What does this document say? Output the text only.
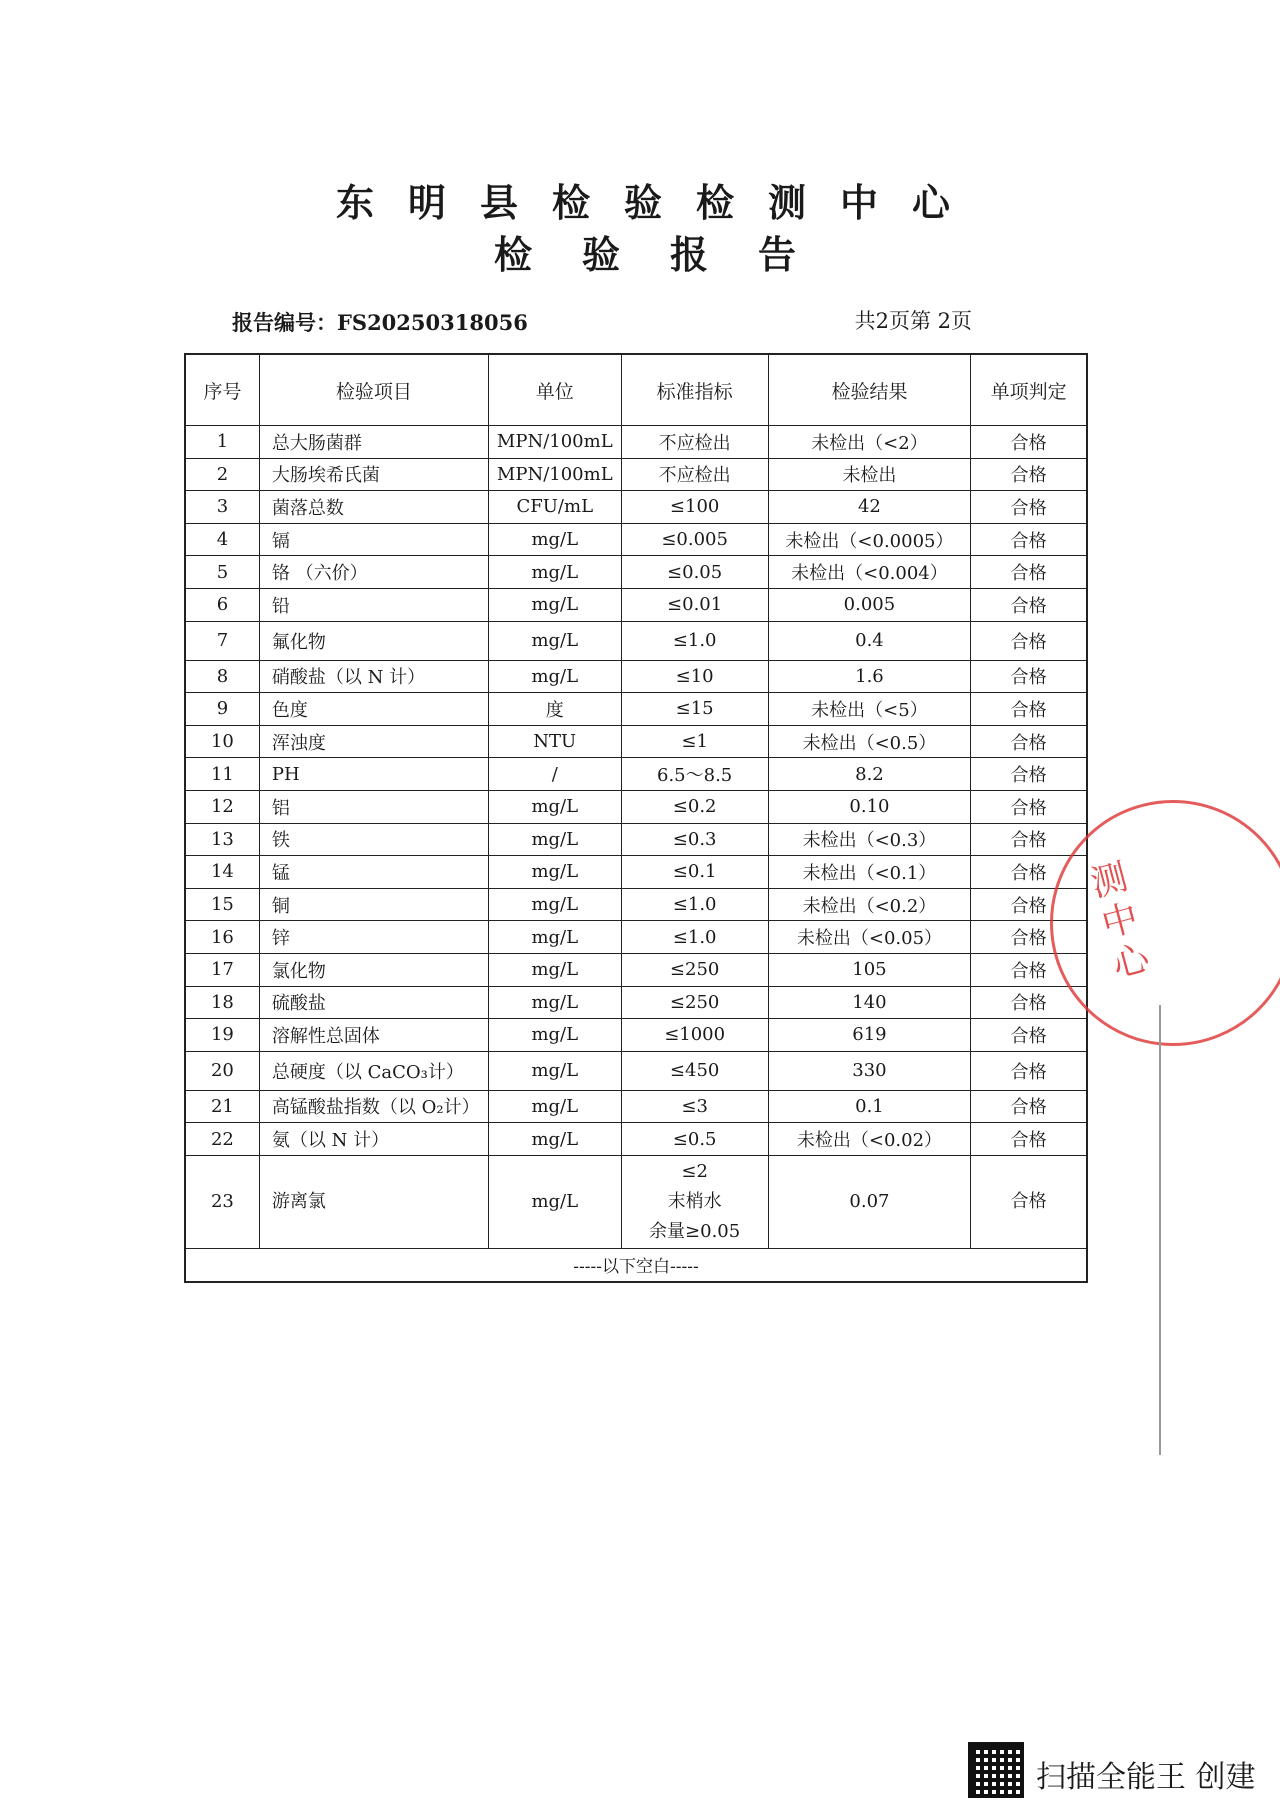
东明县检验检测中心
检验报告
报告编号：FS20250318056	共2页第 2页
序号	检验项目	单位	标准指标	检验结果	单项判定
1	总大肠菌群	MPN/100mL	不应检出	未检出（<2）	合格
2	大肠埃希氏菌	MPN/100mL	不应检出	未检出	合格
3	菌落总数	CFU/mL	≤100	42	合格
4	镉	mg/L	≤0.005	未检出（<0.0005）	合格
5	铬 （六价）	mg/L	≤0.05	未检出（<0.004）	合格
6	铅	mg/L	≤0.01	0.005	合格
7	氟化物	mg/L	≤1.0	0.4	合格
8	硝酸盐（以 N 计）	mg/L	≤10	1.6	合格
9	色度	度	≤15	未检出（<5）	合格
10	浑浊度	NTU	≤1	未检出（<0.5）	合格
11	PH	/	6.5～8.5	8.2	合格
12	铝	mg/L	≤0.2	0.10	合格
13	铁	mg/L	≤0.3	未检出（<0.3）	合格
14	锰	mg/L	≤0.1	未检出（<0.1）	合格
15	铜	mg/L	≤1.0	未检出（<0.2）	合格
16	锌	mg/L	≤1.0	未检出（<0.05）	合格
17	氯化物	mg/L	≤250	105	合格
18	硫酸盐	mg/L	≤250	140	合格
19	溶解性总固体	mg/L	≤1000	619	合格
20	总硬度（以 CaCO₃计）	mg/L	≤450	330	合格
21	高锰酸盐指数（以 O₂计）	mg/L	≤3	0.1	合格
22	氨（以 N 计）	mg/L	≤0.5	未检出（<0.02）	合格
23	游离氯	mg/L	≤2
末梢水
余量≥0.05	0.07	合格
-----以下空白-----					
测中心
扫描全能王 创建
